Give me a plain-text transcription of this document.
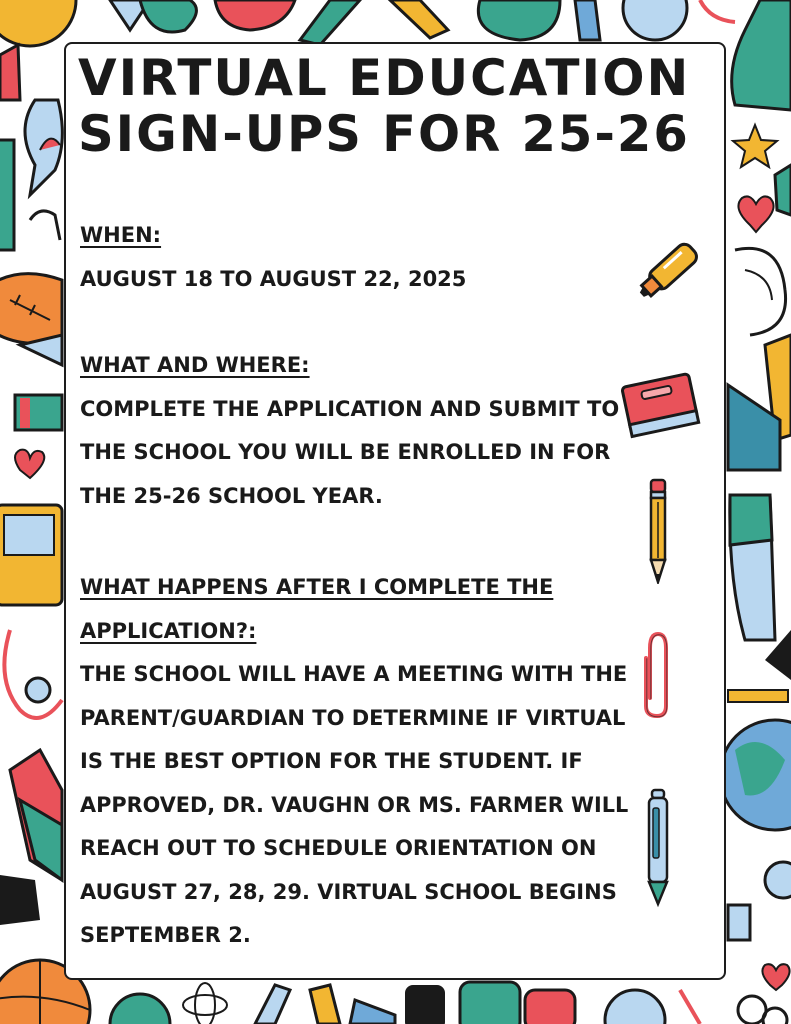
VIRTUAL EDUCATION
SIGN-UPS FOR 25-26
WHEN:
AUGUST 18 TO AUGUST 22, 2025
WHAT AND WHERE:
COMPLETE THE APPLICATION AND SUBMIT TO
THE SCHOOL YOU WILL BE ENROLLED IN FOR
THE 25-26 SCHOOL YEAR.
WHAT HAPPENS AFTER I COMPLETE THE
APPLICATION?:
THE SCHOOL WILL HAVE A MEETING WITH THE
PARENT/GUARDIAN TO DETERMINE IF VIRTUAL
IS THE BEST OPTION FOR THE STUDENT. IF
APPROVED, DR. VAUGHN OR MS. FARMER WILL
REACH OUT TO SCHEDULE ORIENTATION ON
AUGUST 27, 28, 29. VIRTUAL SCHOOL BEGINS
SEPTEMBER 2.
